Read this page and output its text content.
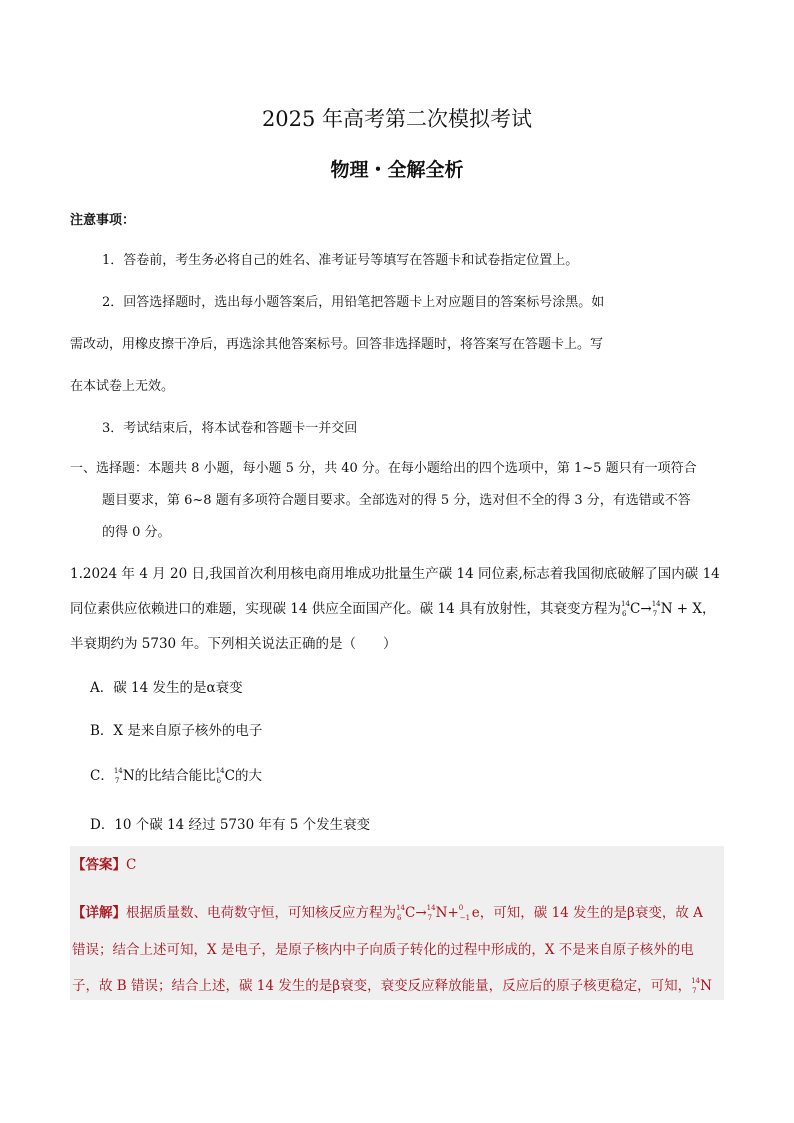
2025 年高考第二次模拟考试
物理・全解全析
注意事项：
1．答卷前，考生务必将自己的姓名、准考证号等填写在答题卡和试卷指定位置上。
2．回答选择题时，选出每小题答案后，用铅笔把答题卡上对应题目的答案标号涂黑。如
需改动，用橡皮擦干净后，再选涂其他答案标号。回答非选择题时，将答案写在答题卡上。写
在本试卷上无效。
3．考试结束后，将本试卷和答题卡一并交回
一、选择题：本题共 8 小题，每小题 5 分，共 40 分。在每小题给出的四个选项中，第 1~5 题只有一项符合
题目要求，第 6~8 题有多项符合题目要求。全部选对的得 5 分，选对但不全的得 3 分，有选错或不答
的得 0 分。
1.2024 年 4 月 20 日,我国首次利用核电商用堆成功批量生产碳 14 同位素,标志着我国彻底破解了国内碳 14
同位素供应依赖进口的难题，实现碳 14 供应全面国产化。碳 14 具有放射性，其衰变方程为 14
6 C→ 14
7 N + X，
半衰期约为 5730 年。下列相关说法正确的是（　　）
A．碳 14 发生的是α衰变
B．X 是来自原子核外的电子
C． 14
7 N的比结合能比 14
6 C的大
D．10 个碳 14 经过 5730 年有 5 个发生衰变
【答案】C
【详解】根据质量数、电荷数守恒，可知核反应方程为 14
6 C→ 14
7 N+ 0
−1 e，可知，碳 14 发生的是β衰变，故 A
错误；结合上述可知，X 是电子，是原子核内中子向质子转化的过程中形成的，X 不是来自原子核外的电
子，故 B 错误；结合上述，碳 14 发生的是β衰变，衰变反应释放能量，反应后的原子核更稳定，可知， 14
7 N
